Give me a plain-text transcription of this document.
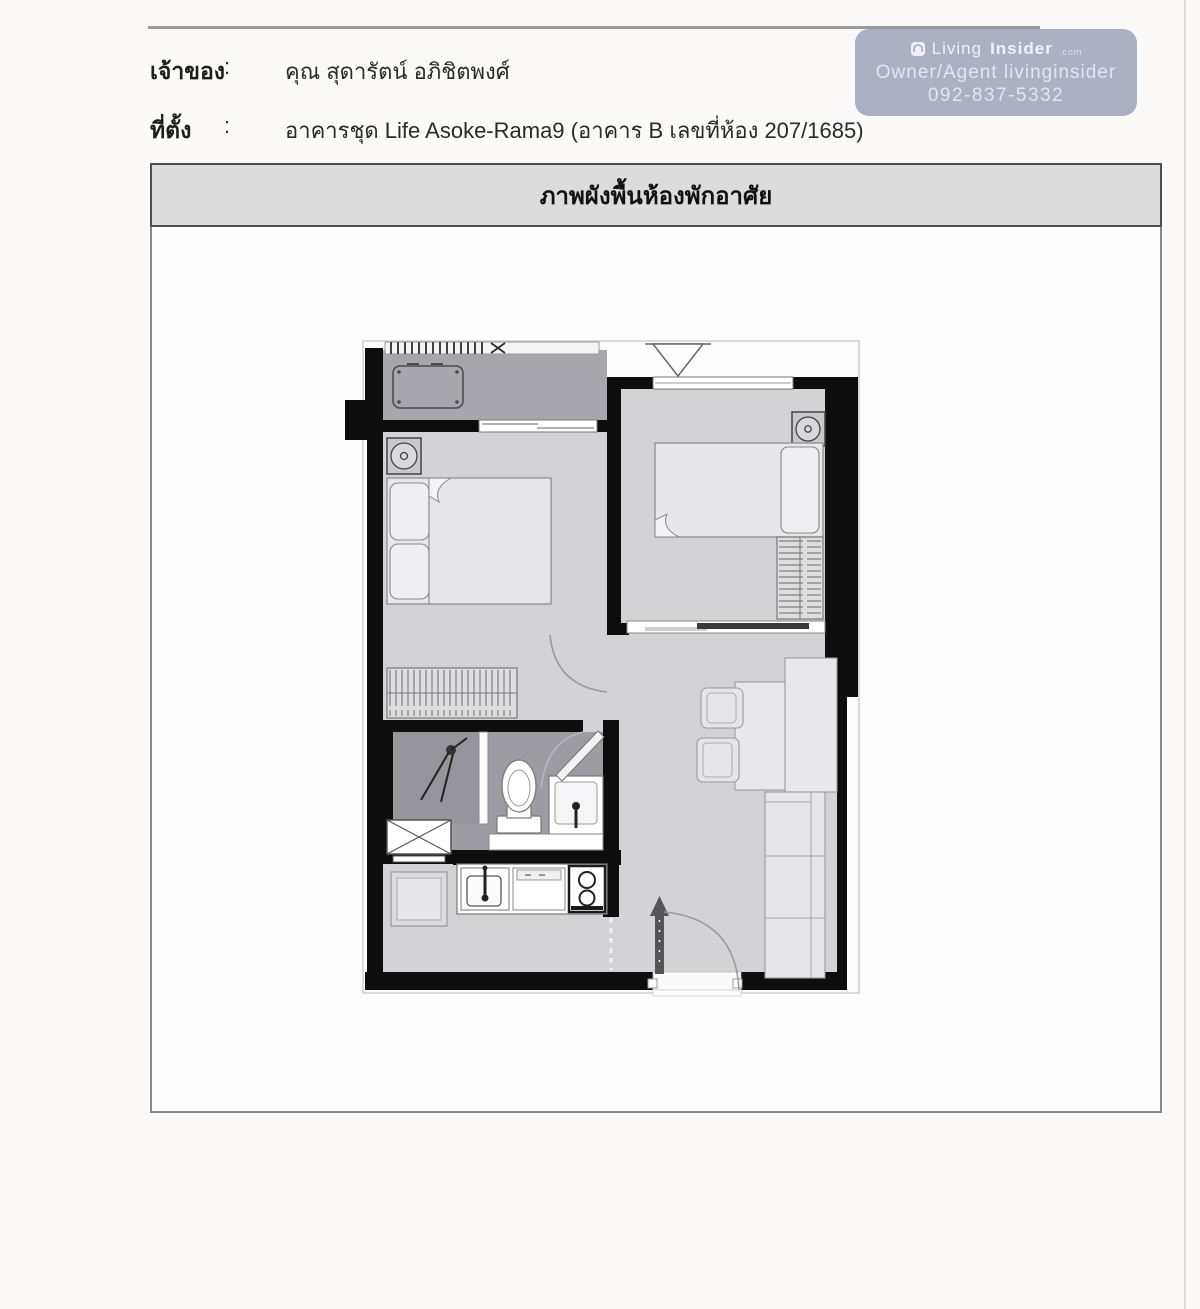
เจ้าของ
: คุณ สุดารัตน์ อภิชิตพงศ์
ที่ตั้ง : อาคารชุด Life Asoke-Rama9 (อาคาร B เลขที่ห้อง 207/1685)
Living Insider .com
Owner/Agent livinginsider
092-837-5332
ภาพผังพื้นห้องพักอาศัย
